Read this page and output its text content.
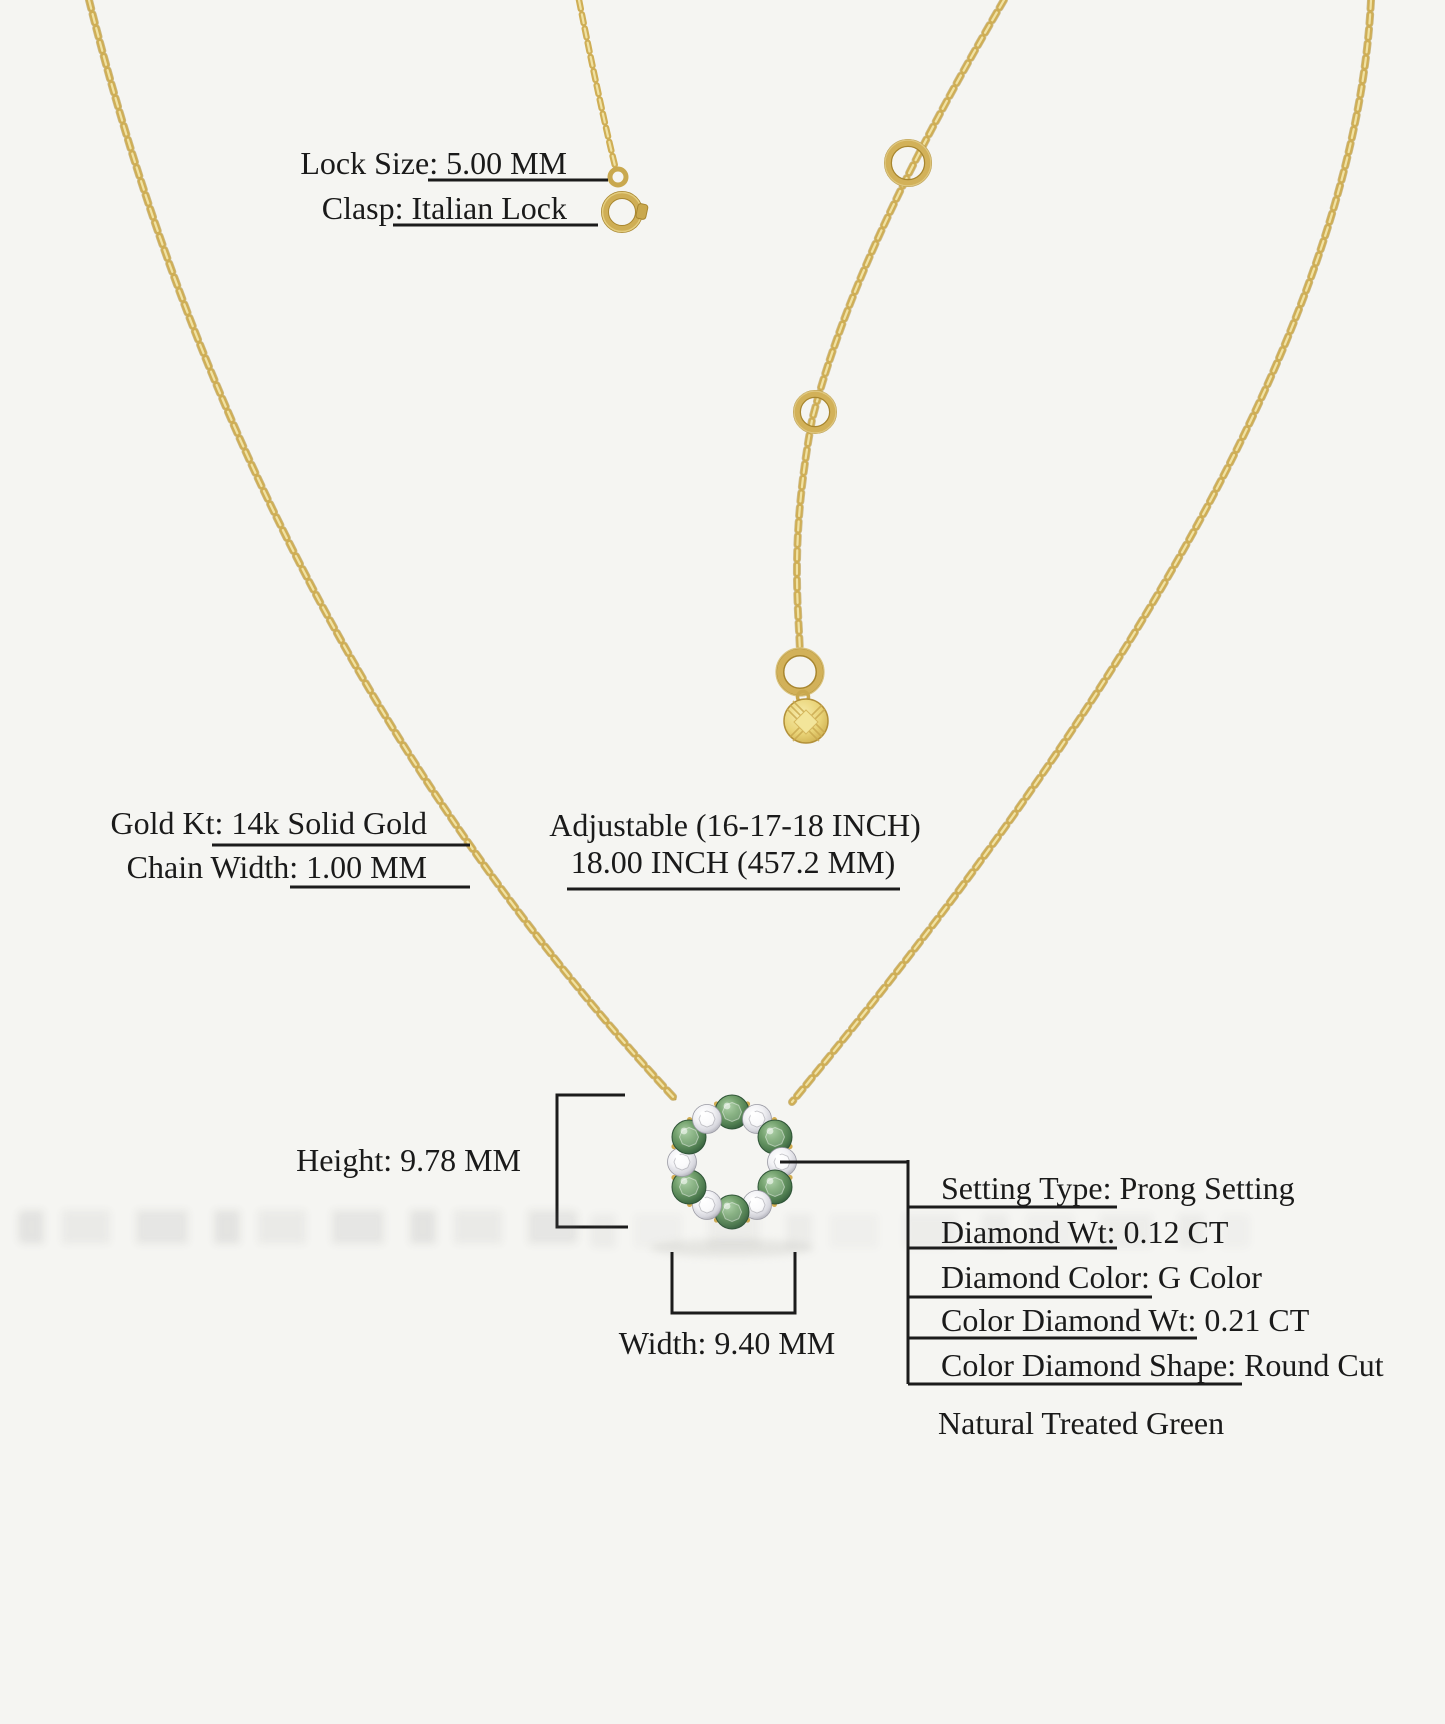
Lock Size: 5.00 MM
Clasp: Italian Lock
Gold Kt: 14k Solid Gold
Chain Width: 1.00 MM
Adjustable (16-17-18 INCH)
18.00 INCH (457.2 MM)
Height: 9.78 MM
Width: 9.40 MM
Setting Type: Prong Setting
Diamond Wt: 0.12 CT
Diamond Color: G Color
Color Diamond Wt: 0.21 CT
Color Diamond Shape: Round Cut
Natural Treated Green
